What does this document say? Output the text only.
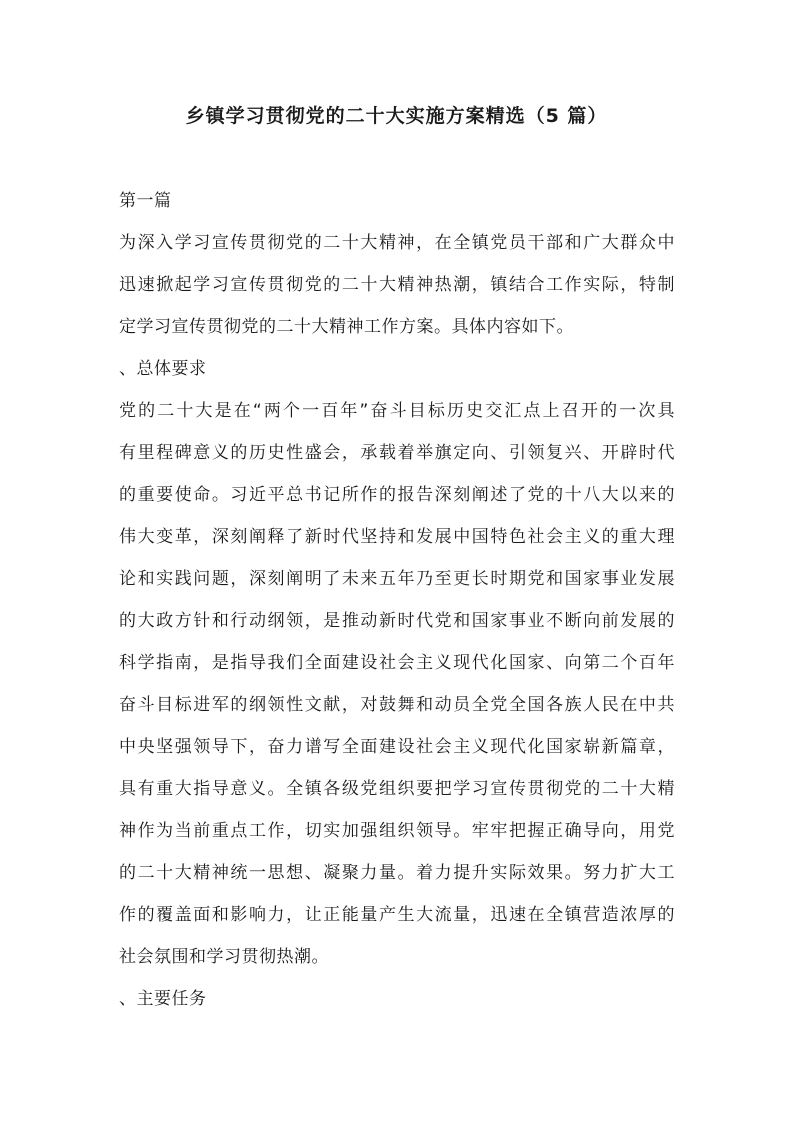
乡镇学习贯彻党的二十大实施方案精选（5 篇）
第一篇
为深入学习宣传贯彻党的二十大精神，在全镇党员干部和广大群众中
迅速掀起学习宣传贯彻党的二十大精神热潮，镇结合工作实际，特制
定学习宣传贯彻党的二十大精神工作方案。具体内容如下。
、总体要求
党的二十大是在“两个一百年”奋斗目标历史交汇点上召开的一次具
有里程碑意义的历史性盛会，承载着举旗定向、引领复兴、开辟时代
的重要使命。习近平总书记所作的报告深刻阐述了党的十八大以来的
伟大变革，深刻阐释了新时代坚持和发展中国特色社会主义的重大理
论和实践问题，深刻阐明了未来五年乃至更长时期党和国家事业发展
的大政方针和行动纲领，是推动新时代党和国家事业不断向前发展的
科学指南，是指导我们全面建设社会主义现代化国家、向第二个百年
奋斗目标进军的纲领性文献，对鼓舞和动员全党全国各族人民在中共
中央坚强领导下，奋力谱写全面建设社会主义现代化国家崭新篇章，
具有重大指导意义。全镇各级党组织要把学习宣传贯彻党的二十大精
神作为当前重点工作，切实加强组织领导。牢牢把握正确导向，用党
的二十大精神统一思想、凝聚力量。着力提升实际效果。努力扩大工
作的覆盖面和影响力，让正能量产生大流量，迅速在全镇营造浓厚的
社会氛围和学习贯彻热潮。
、主要任务
